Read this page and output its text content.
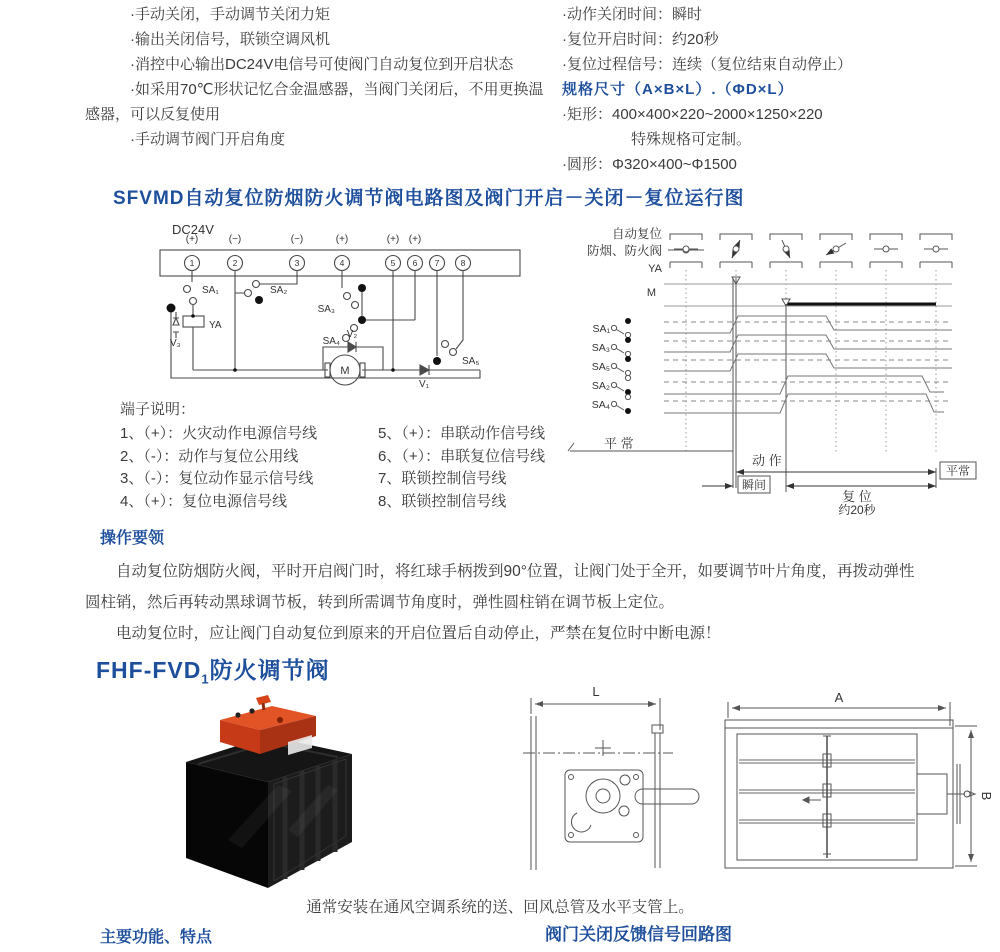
·手动关闭，手动调节关闭力矩

·输出关闭信号，联锁空调风机

·消控中心输出DC24V电信号可使阀门自动复位到开启状态

·如采用70℃形状记忆合金温感器，当阀门关闭后，不用更换温感器，可以反复使用

·手动调节阀门开启角度

·动作关闭时间：瞬时

·复位开启时间：约20秒

·复位过程信号：连续（复位结束自动停止）

规格尺寸（A×B×L）.（ΦD×L）

·矩形：400×400×220~2000×1250×220

特殊规格可定制。

·圆形：Φ320×400~Φ1500

SFVMD自动复位防烟防火调节阀电路图及阀门开启－关闭－复位运行图
DC24V
(+)	(−)	(−)	(+)	(+) (+)
1	2	3	4	5 6 7	8
SA₁	SA₂
SA₃
SA₄
SA₅
YA
V₃
V₂
V₁
M
自动复位
防烟、防火阀
YA
M
SA₁
SA₃
SA₅
SA₂
SA₄
平 常
动 作
平常
瞬间
复 位
约20秒

端子说明：

1、（+）：火灾动作电源信号线
2、（-）：动作与复位公用线
3、（-）：复位动作显示信号线
4、（+）：复位电源信号线
5、（+）：串联动作信号线
6、（+）：串联复位信号线
7、联锁控制信号线
8、联锁控制信号线
操作要领

自动复位防烟防火阀，平时开启阀门时，将红球手柄拨到90°位置，让阀门处于全开，如要调节叶片角度，再拨动弹性圆柱销，然后再转动黑球调节板，转到所需调节角度时，弹性圆柱销在调节板上定位。

电动复位时，应让阀门自动复位到原来的开启位置后自动停止，严禁在复位时中断电源！

FHF-$FVD_1$防火调节阀
L	A
B
通常安装在通风空调系统的送、回风总管及水平支管上。
主要功能、特点	阀门关闭反馈信号回路图
